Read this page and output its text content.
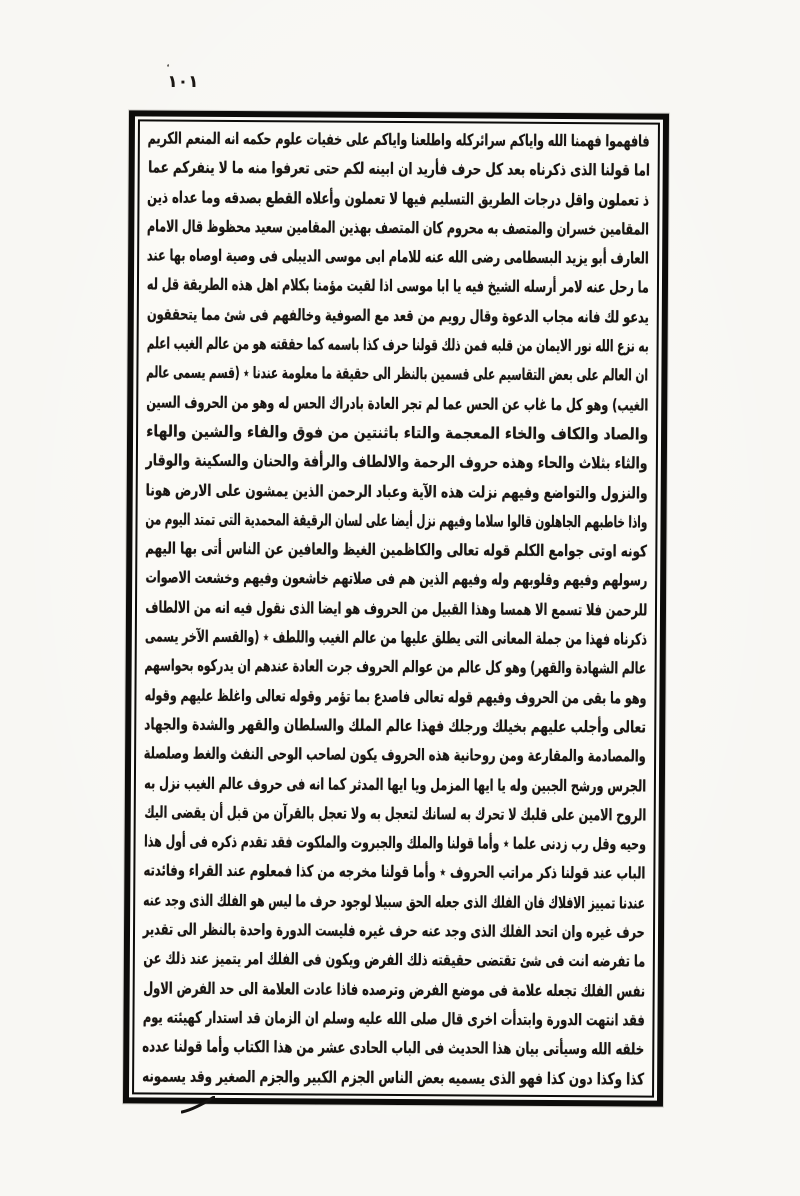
ٔٔ
١٠١
فافهموا فهمنا الله واياكم سرائركله واطلعنا واياكم على خفيات علوم حكمه انه المنعم الكريم
اما قولنا الذى ذكرناه بعد كل حرف فأريد ان ابينه لكم حتى تعرفوا منه ما لا ينفركم عما
ذ تعملون واقل درجات الطريق التسليم فيها لا تعملون وأعلاه القطع بصدقه وما عداه ذين
المقامين خسران والمتصف به محروم كان المتصف بهذين المقامين سعيد محظوظ قال الامام
العارف أبو يزيد البسطامى رضى الله عنه للامام ابى موسى الديبلى فى وصية اوصاه بها عند
ما رحل عنه لامر أرسله الشيخ فيه يا ابا موسى اذا لقيت مؤمنا بكلام اهل هذه الطريقة قل له
يدعو لك فانه مجاب الدعوة وقال رويم من قعد مع الصوفية وخالفهم فى شئ مما يتحققون
به نزع الله نور الايمان من قلبه فمن ذلك قولنا حرف كذا باسمه كما حققته هو من عالم الغيب اعلم
ان العالم على بعض التقاسيم على قسمين بالنظر الى حقيقة ما معلومة عندنا ٭ (قسم يسمى عالم
الغيب) وهو كل ما غاب عن الحس عما لم تجر العادة بادراك الحس له وهو من الحروف السين
والصاد والكاف والخاء المعجمة والتاء باثنتين من فوق والفاء والشين والهاء
والثاء بثلاث والحاء وهذه حروف الرحمة والالطاف والرأفة والحنان والسكينة والوقار
والنزول والتواضع وفيهم نزلت هذه الآية وعباد الرحمن الذين يمشون على الارض هونا
واذا خاطبهم الجاهلون قالوا سلاما وفيهم نزل أيضا على لسان الرقيقة المحمدية التى تمتد اليوم من
كونه اوتى جوامع الكلم قوله تعالى والكاظمين الغيظ والعافين عن الناس أتى بها اليهم
رسولهم وفيهم وقلوبهم وله وفيهم الذين هم فى صلاتهم خاشعون وفيهم وخشعت الاصوات
للرحمن فلا تسمع الا همسا وهذا القبيل من الحروف هو ايضا الذى نقول فيه انه من الالطاف
ذكرناه فهذا من جملة المعانى التى يطلق عليها من عالم الغيب واللطف ٭ (والقسم الآخر يسمى
عالم الشهادة والقهر) وهو كل عالم من عوالم الحروف جرت العادة عندهم ان يدركوه بحواسهم
وهو ما بقى من الحروف وفيهم قوله تعالى فاصدع بما تؤمر وقوله تعالى واغلظ عليهم وقوله
تعالى وأجلب عليهم بخيلك ورجلك فهذا عالم الملك والسلطان والقهر والشدة والجهاد
والمصادمة والمقارعة ومن روحانية هذه الحروف يكون لصاحب الوحى النفث والغط وصلصلة
الجرس ورشح الجبين وله يا ايها المزمل ويا ايها المدثر كما انه فى حروف عالم الغيب نزل به
الروح الامين على قلبك لا تحرك به لسانك لتعجل به ولا تعجل بالقرآن من قبل أن يقضى اليك
وحيه وقل رب زدنى علما ٭ وأما قولنا والملك والجبروت والملكوت فقد تقدم ذكره فى أول هذا
الباب عند قولنا ذكر مراتب الحروف ٭ وأما قولنا مخرجه من كذا فمعلوم عند القراء وفائدته
عندنا تمييز الافلاك فان الفلك الذى جعله الحق سبيلا لوجود حرف ما ليس هو الفلك الذى وجد عنه
حرف غيره وان اتحد الفلك الذى وجد عنه حرف غيره فليست الدورة واحدة بالنظر الى تقدير
ما تفرضه انت فى شئ تقتضى حقيقته ذلك الفرض ويكون فى الفلك امر يتميز عند ذلك عن
نفس الفلك تجعله علامة فى موضع الفرض وترصده فاذا عادت العلامة الى حد الفرض الاول
فقد انتهت الدورة وابتدأت اخرى قال صلى الله عليه وسلم ان الزمان قد استدار كهيئته يوم
خلقه الله وسيأتى بيان هذا الحديث فى الباب الحادى عشر من هذا الكتاب وأما قولنا عدده
كذا وكذا دون كذا فهو الذى يسميه بعض الناس الجزم الكبير والجزم الصغير وقد يسمونه
